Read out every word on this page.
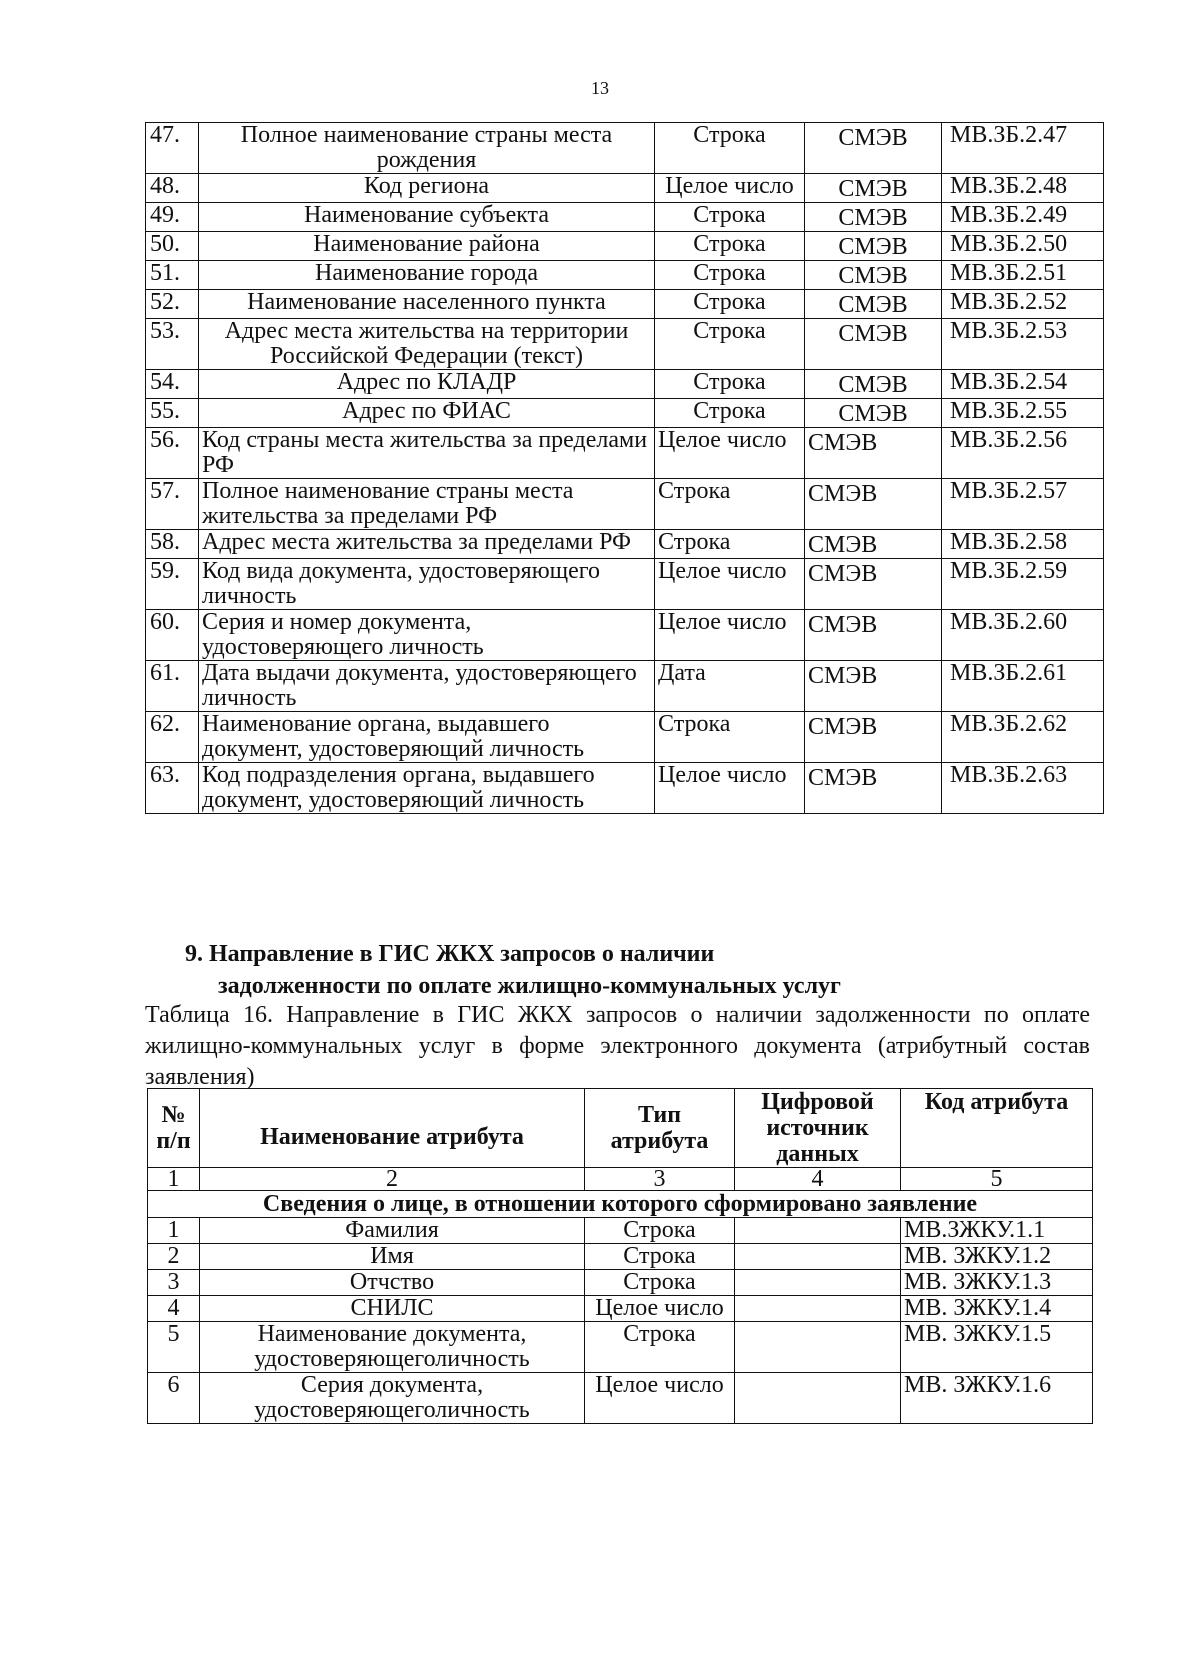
13
47.	Полное наименование страны места рождения	Строка	СМЭВ	МВ.ЗБ.2.47
48.	Код региона	Целое число	СМЭВ	МВ.ЗБ.2.48
49.	Наименование субъекта	Строка	СМЭВ	МВ.ЗБ.2.49
50.	Наименование района	Строка	СМЭВ	МВ.ЗБ.2.50
51.	Наименование города	Строка	СМЭВ	МВ.ЗБ.2.51
52.	Наименование населенного пункта	Строка	СМЭВ	МВ.ЗБ.2.52
53.	Адрес места жительства на территории Российской Федерации (текст)	Строка	СМЭВ	МВ.ЗБ.2.53
54.	Адрес по КЛАДР	Строка	СМЭВ	МВ.ЗБ.2.54
55.	Адрес по ФИАС	Строка	СМЭВ	МВ.ЗБ.2.55
56.	Код страны места жительства за пределами РФ	Целое число	СМЭВ	МВ.ЗБ.2.56
57.	Полное наименование страны места жительства за пределами РФ	Строка	СМЭВ	МВ.ЗБ.2.57
58.	Адрес места жительства за пределами РФ	Строка	СМЭВ	МВ.ЗБ.2.58
59.	Код вида документа, удостоверяющего личность	Целое число	СМЭВ	МВ.ЗБ.2.59
60.	Серия и номер документа, удостоверяющего личность	Целое число	СМЭВ	МВ.ЗБ.2.60
61.	Дата выдачи документа, удостоверяющего личность	Дата	СМЭВ	МВ.ЗБ.2.61
62.	Наименование органа, выдавшего документ, удостоверяющий личность	Строка	СМЭВ	МВ.ЗБ.2.62
63.	Код подразделения органа, выдавшего документ, удостоверяющий личность	Целое число	СМЭВ	МВ.ЗБ.2.63
9. Направление в ГИС ЖКХ запросов о наличии
задолженности по оплате жилищно-коммунальных услуг
Таблица 16. Направление в ГИС ЖКХ запросов о наличии задолженности по оплате жилищно-коммунальных услуг в форме электронного документа (атрибутный состав заявления)
№ п/п	Наименование атрибута	Тип атрибута	Цифровой источник данных	Код атрибута
1	2	3	4	5
Сведения о лице, в отношении которого сформировано заявление				
1	Фамилия	Строка		МВ.ЗЖКУ.1.1
2	Имя	Строка		МВ. ЗЖКУ.1.2
3	Отчство	Строка		МВ. ЗЖКУ.1.3
4	СНИЛС	Целое число		МВ. ЗЖКУ.1.4
5	Наименование документа, удостоверяющеголичность	Строка		МВ. ЗЖКУ.1.5
6	Серия документа, удостоверяющеголичность	Целое число		МВ. ЗЖКУ.1.6
